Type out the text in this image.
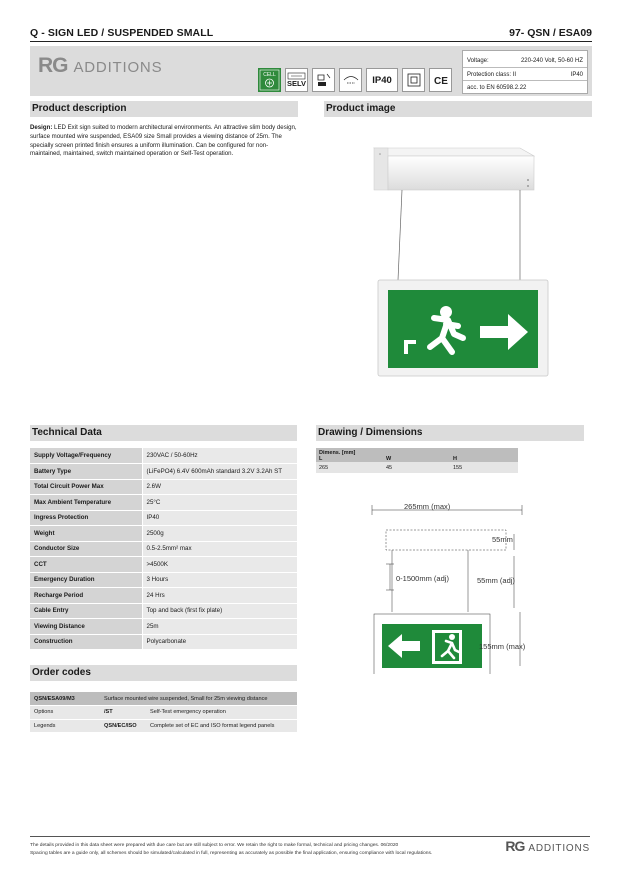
Q - SIGN LED / SUSPENDED SMALL	97- QSN / ESA09
RG ADDITIONS	CELL
SELV	IP40	CE
Voltage:	220-240 Volt, 50-60 HZ
Protection class: II	IP40
acc. to EN 60598.2.22
Product description	Product image
Design: LED Exit sign suited to modern architectural environments. An attractive slim body design, surface mounted wire suspended, ESA09 size Small provides a viewing distance of 25m. The specially screen printed finish ensures a uniform illumination. Can be configured for non-maintained, maintained, switch maintained operation or Self-Test operation.
Technical Data
Supply Voltage/Frequency	230VAC / 50-60Hz
Battery Type	(LiFePO4) 6.4V 600mAh standard 3.2V 3.2Ah ST
Total Circuit Power Max	2.6W
Max Ambient Temperature	25°C
Ingress Protection	IP40
Weight	2500g
Conductor Size	0.5-2.5mm² max
CCT	>4500K
Emergency Duration	3 Hours
Recharge Period	24 Hrs
Cable Entry	Top and back (first fix plate)
Viewing Distance	25m
Construction	Polycarbonate
Drawing / Dimensions
Dimens. [mm]
L	W	H
265	45	155
265mm (max)
55mm
0-1500mm (adj)	55mm (adj)
155mm (max)
Order codes
QSN/ESA09/M3	Surface mounted wire suspended, Small for 25m viewing distance	
Options	/ST	Self-Test emergency operation
Legends	QSN/EC/ISO	Complete set of EC and ISO format legend panels
The details provided in this data sheet were prepared with due care but are still subject to error. We retain the right to make formal, technical and pricing changes. 06/2020
Spacing tables are a guide only, all schemes should be simulated/calculated in full, representing as accurately as possible the final application, ensuring compliance with local regulations.	RG ADDITIONS
